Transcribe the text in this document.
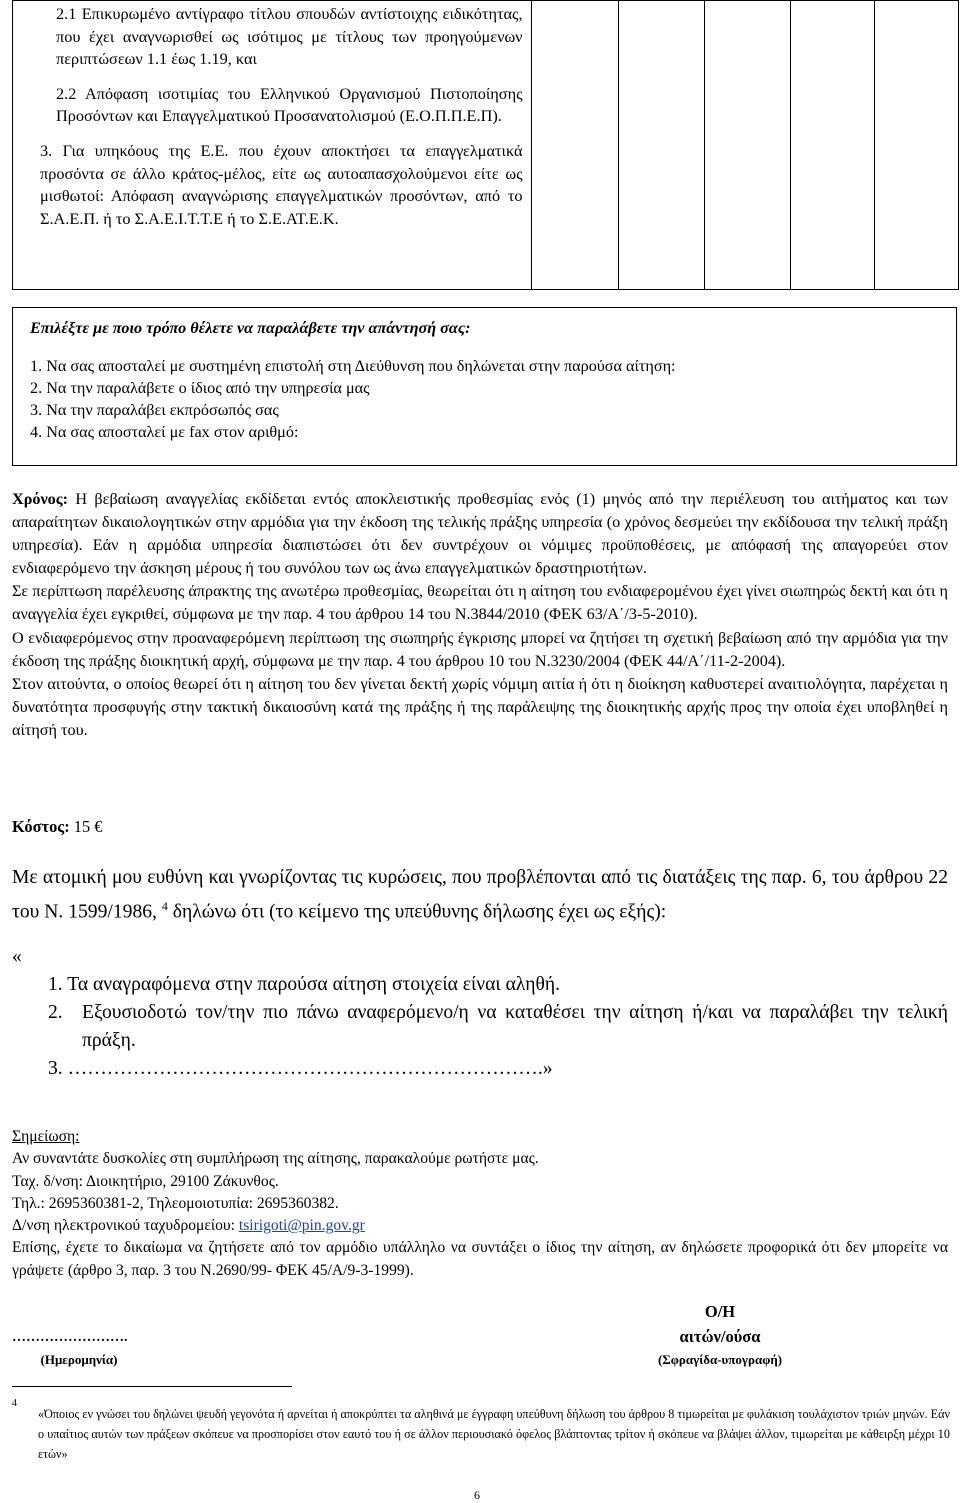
2.1 Επικυρωμένο αντίγραφο τίτλου σπουδών αντίστοιχης ειδικότητας, που έχει αναγνωρισθεί ως ισότιμος με τίτλους των προηγούμενων περιπτώσεων 1.1 έως 1.19, και

2.2 Απόφαση ισοτιμίας του Ελληνικού Οργανισμού Πιστοποίησης Προσόντων και Επαγγελματικού Προσανατολισμού (Ε.Ο.Π.Π.Ε.Π).

3. Για υπηκόους της Ε.Ε. που έχουν αποκτήσει τα επαγγελματικά προσόντα σε άλλο κράτος-μέλος, είτε ως αυτοαπασχολούμενοι είτε ως μισθωτοί: Απόφαση αναγνώρισης επαγγελματικών προσόντων, από το Σ.Α.Ε.Π. ή το Σ.Α.Ε.Ι.Τ.Τ.Ε ή το Σ.Ε.ΑΤ.Ε.Κ.

Επιλέξτε με ποιο τρόπο θέλετε να παραλάβετε την απάντησή σας:
1. Να σας αποσταλεί με συστημένη επιστολή στη Διεύθυνση που δηλώνεται στην παρούσα αίτηση:
2. Να την παραλάβετε ο ίδιος από την υπηρεσία μας
3. Να την παραλάβει εκπρόσωπός σας
4. Να σας αποσταλεί με fax στον αριθμό:

Χρόνος: Η βεβαίωση αναγγελίας εκδίδεται εντός αποκλειστικής προθεσμίας ενός (1) μηνός από την περιέλευση του αιτήματος και των απαραίτητων δικαιολογητικών στην αρμόδια για την έκδοση της τελικής πράξης υπηρεσία (ο χρόνος δεσμεύει την εκδίδουσα την τελική πράξη υπηρεσία). Εάν η αρμόδια υπηρεσία διαπιστώσει ότι δεν συντρέχουν οι νόμιμες προϋποθέσεις, με απόφασή της απαγορεύει στον ενδιαφερόμενο την άσκηση μέρους ή του συνόλου των ως άνω επαγγελματικών δραστηριοτήτων.

Σε περίπτωση παρέλευσης άπρακτης της ανωτέρω προθεσμίας, θεωρείται ότι η αίτηση του ενδιαφερομένου έχει γίνει σιωπηρώς δεκτή και ότι η αναγγελία έχει εγκριθεί, σύμφωνα με την παρ. 4 του άρθρου 14 του Ν.3844/2010 (ΦΕΚ 63/Α΄/3-5-2010).

Ο ενδιαφερόμενος στην προαναφερόμενη περίπτωση της σιωπηρής έγκρισης μπορεί να ζητήσει τη σχετική βεβαίωση από την αρμόδια για την έκδοση της πράξης διοικητική αρχή, σύμφωνα με την παρ. 4 του άρθρου 10 του Ν.3230/2004 (ΦΕΚ 44/Α΄/11-2-2004).

Στον αιτούντα, ο οποίος θεωρεί ότι η αίτηση του δεν γίνεται δεκτή χωρίς νόμιμη αιτία ή ότι η διοίκηση καθυστερεί αναιτιολόγητα, παρέχεται η δυνατότητα προσφυγής στην τακτική δικαιοσύνη κατά της πράξης ή της παράλειψης της διοικητικής αρχής προς την οποία έχει υποβληθεί η αίτησή του.

Κόστος: 15 €
Με ατομική μου ευθύνη και γνωρίζοντας τις κυρώσεις, που προβλέπονται από τις διατάξεις της παρ. 6, του άρθρου 22 του Ν. 1599/1986, $^4$ δηλώνω ότι (το κείμενο της υπεύθυνης δήλωσης έχει ως εξής):
«
1. Τα αναγραφόμενα στην παρούσα αίτηση στοιχεία είναι αληθή.
2. Εξουσιοδοτώ τον/την πιο πάνω αναφερόμενο/η να καταθέσει την αίτηση ή/και να παραλάβει την τελική πράξη.
3. ……………………………………………………………….»

Σημείωση:

Αν συναντάτε δυσκολίες στη συμπλήρωση της αίτησης, παρακαλούμε ρωτήστε μας.

Ταχ. δ/νση: Διοικητήριο, 29100 Ζάκυνθος.

Τηλ.: 2695360381-2, Τηλεομοιοτυπία: 2695360382.

Δ/νση ηλεκτρονικού ταχυδρομείου: tsirigoti@pin.gov.gr

Επίσης, έχετε το δικαίωμα να ζητήσετε από τον αρμόδιο υπάλληλο να συντάξει ο ίδιος την αίτηση, αν δηλώσετε προφορικά ότι δεν μπορείτε να γράψετε (άρθρο 3, παρ. 3 του Ν.2690/99- ΦΕΚ 45/Α/9-3-1999).

…………………….
(Ημερομηνία)
Ο/Η
αιτών/ούσα
(Σφραγίδα-υπογραφή)
4
«Όποιος εν γνώσει του δηλώνει ψευδή γεγονότα ή αρνείται ή αποκρύπτει τα αληθινά με έγγραφη υπεύθυνη δήλωση του άρθρου 8 τιμωρείται με φυλάκιση τουλάχιστον τριών μηνών. Εάν ο υπαίτιος αυτών των πράξεων σκόπευε να προσπορίσει στον εαυτό του ή σε άλλον περιουσιακό όφελος βλάπτοντας τρίτον ή σκόπευε να βλάψει άλλον, τιμωρείται με κάθειρξη μέχρι 10 ετών»
6
